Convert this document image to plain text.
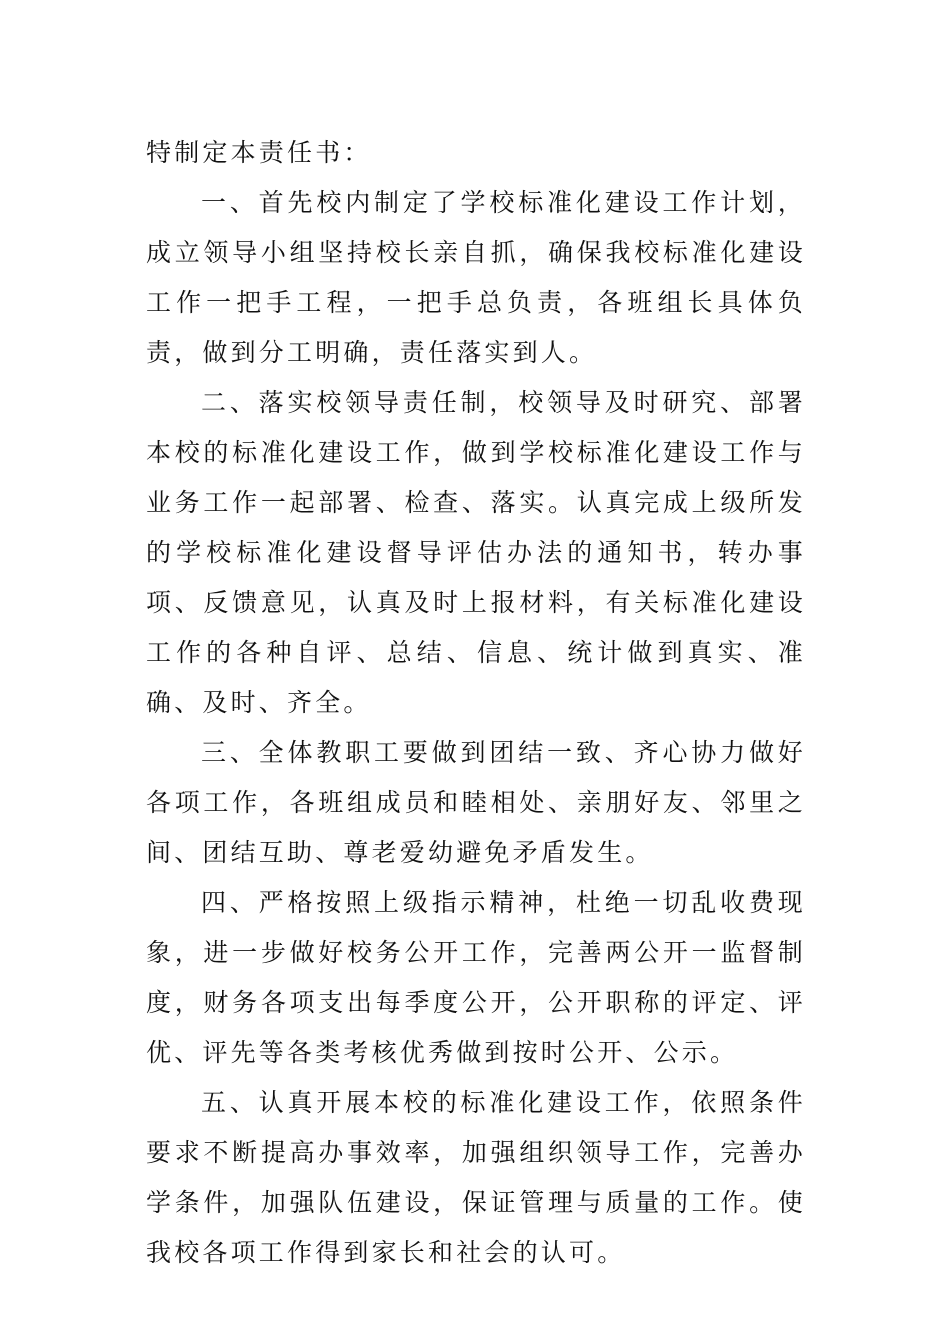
特制定本责任书：

一、首先校内制定了学校标准化建设工作计划，成立领导小组坚持校长亲自抓，确保我校标准化建设工作一把手工程，一把手总负责，各班组长具体负责，做到分工明确，责任落实到人。

二、落实校领导责任制，校领导及时研究、部署本校的标准化建设工作，做到学校标准化建设工作与业务工作一起部署、检查、落实。认真完成上级所发的学校标准化建设督导评估办法的通知书，转办事项、反馈意见，认真及时上报材料，有关标准化建设工作的各种自评、总结、信息、统计做到真实、准确、及时、齐全。

三、全体教职工要做到团结一致、齐心协力做好各项工作，各班组成员和睦相处、亲朋好友、邻里之间、团结互助、尊老爱幼避免矛盾发生。

四、严格按照上级指示精神，杜绝一切乱收费现象，进一步做好校务公开工作，完善两公开一监督制度，财务各项支出每季度公开，公开职称的评定、评优、评先等各类考核优秀做到按时公开、公示。

五、认真开展本校的标准化建设工作，依照条件要求不断提高办事效率，加强组织领导工作，完善办学条件，加强队伍建设，保证管理与质量的工作。使我校各项工作得到家长和社会的认可。
